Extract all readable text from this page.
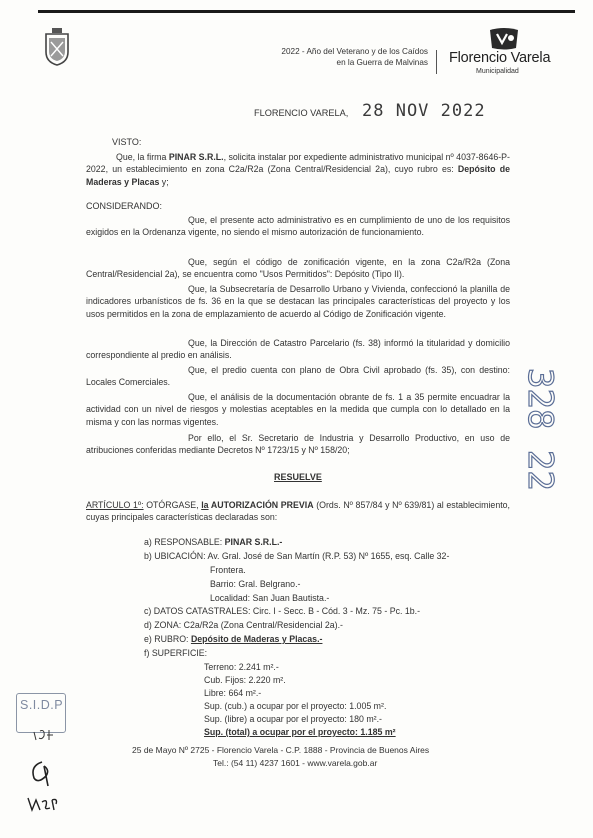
2022 - Año del Veterano y de los Caídos
en la Guerra de Malvinas Florencio Varela
Municipalidad
FLORENCIO VARELA, 28 NOV 2022
VISTO:
Que, la firma PINAR S.R.L., solicita instalar por expediente administrativo municipal nº 4037-8646-P-2022, un establecimiento en zona C2a/R2a (Zona Central/Residencial 2a), cuyo rubro es: Depósito de Maderas y Placas y;
CONSIDERANDO:
Que, el presente acto administrativo es en cumplimiento de uno de los requisitos exigidos en la Ordenanza vigente, no siendo el mismo autorización de funcionamiento.
Que, según el código de zonificación vigente, en la zona C2a/R2a (Zona Central/Residencial 2a), se encuentra como "Usos Permitidos": Depósito (Tipo II).
Que, la Subsecretaría de Desarrollo Urbano y Vivienda, confeccionó la planilla de indicadores urbanísticos de fs. 36 en la que se destacan las principales características del proyecto y los usos permitidos en la zona de emplazamiento de acuerdo al Código de Zonificación vigente.
Que, la Dirección de Catastro Parcelario (fs. 38) informó la titularidad y domicilio correspondiente al predio en análisis.
Que, el predio cuenta con plano de Obra Civil aprobado (fs. 35), con destino: Locales Comerciales.
Que, el análisis de la documentación obrante de fs. 1 a 35 permite encuadrar la actividad con un nivel de riesgos y molestias aceptables en la medida que cumpla con lo detallado en la misma y con las normas vigentes.
Por ello, el Sr. Secretario de Industria y Desarrollo Productivo, en uso de atribuciones conferidas mediante Decretos Nº 1723/15 y Nº 158/20;
RESUELVE
ARTÍCULO 1º: OTÓRGASE, la AUTORIZACIÓN PREVIA (Ords. Nº 857/84 y Nº 639/81) al establecimiento, cuyas principales características declaradas son:
a) RESPONSABLE: PINAR S.R.L.-
b) UBICACIÓN: Av. Gral. José de San Martín (R.P. 53) Nº 1655, esq. Calle 32-
Frontera.
Barrio: Gral. Belgrano.-
Localidad: San Juan Bautista.-
c) DATOS CATASTRALES: Circ. I - Secc. B - Cód. 3 - Mz. 75 - Pc. 1b.-
d) ZONA: C2a/R2a (Zona Central/Residencial 2a).-
e) RUBRO: Depósito de Maderas y Placas.-
f) SUPERFICIE:
Terreno: 2.241 m².-
Cub. Fijos: 2.220 m².
Libre: 664 m².-
Sup. (cub.) a ocupar por el proyecto: 1.005 m².
Sup. (libre) a ocupar por el proyecto: 180 m².-
Sup. (total) a ocupar por el proyecto: 1.185 m²
25 de Mayo Nº 2725 - Florencio Varela - C.P. 1888 - Provincia de Buenos Aires
Tel.: (54 11) 4237 1601 - www.varela.gob.ar
328 22
S.I.D.P
